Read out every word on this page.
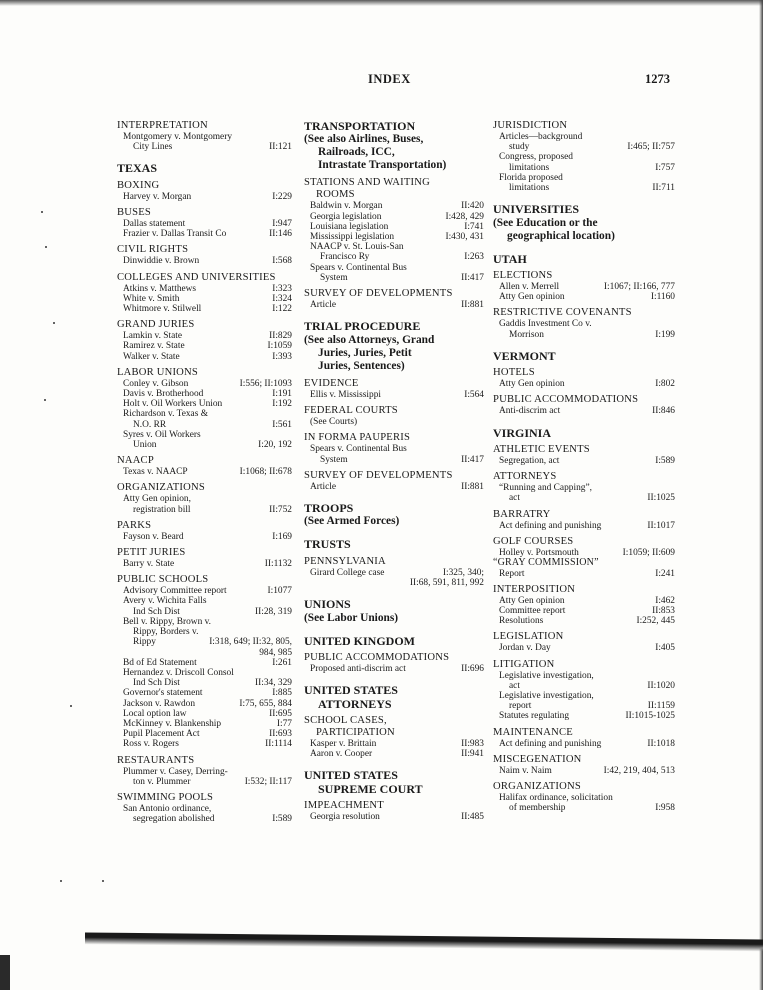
INDEX	1273
INTERPRETATION
Montgomery v. Montgomery
City Lines	II:121
TEXAS
BOXING
Harvey v. Morgan	I:229
BUSES
Dallas statement	I:947
Frazier v. Dallas Transit Co	II:146
CIVIL RIGHTS
Dinwiddie v. Brown	I:568
COLLEGES AND UNIVERSITIES
Atkins v. Matthews	I:323
White v. Smith	I:324
Whitmore v. Stilwell	I:122
GRAND JURIES
Lamkin v. State	II:829
Ramirez v. State	I:1059
Walker v. State	I:393
LABOR UNIONS
Conley v. Gibson	I:556; II:1093
Davis v. Brotherhood	I:191
Holt v. Oil Workers Union	I:192
Richardson v. Texas &
N.O. RR	I:561
Syres v. Oil Workers
Union	I:20, 192
NAACP
Texas v. NAACP	I:1068; II:678
ORGANIZATIONS
Atty Gen opinion,
registration bill	II:752
PARKS
Fayson v. Beard	I:169
PETIT JURIES
Barry v. State	II:1132
PUBLIC SCHOOLS
Advisory Committee report	I:1077
Avery v. Wichita Falls
Ind Sch Dist	II:28, 319
Bell v. Rippy, Brown v.
Rippy, Borders v.
Rippy	I:318, 649; II:32, 805,

984, 985
Bd of Ed Statement	I:261
Hernandez v. Driscoll Consol
Ind Sch Dist	II:34, 329
Governor's statement	I:885
Jackson v. Rawdon	I:75, 655, 884
Local option law	II:695
McKinney v. Blankenship	I:77
Pupil Placement Act	II:693
Ross v. Rogers	II:1114
RESTAURANTS
Plummer v. Casey, Derring-
ton v. Plummer	I:532; II:117
SWIMMING POOLS
San Antonio ordinance,
segregation abolished	I:589
TRANSPORTATION
(See also Airlines, Buses,
Railroads, ICC,
Intrastate Transportation)
STATIONS AND WAITING
ROOMS
Baldwin v. Morgan	II:420
Georgia legislation	I:428, 429
Louisiana legislation	I:741
Mississippi legislation	I:430, 431
NAACP v. St. Louis-San
Francisco Ry	I:263
Spears v. Continental Bus
System	II:417
SURVEY OF DEVELOPMENTS
Article	II:881
TRIAL PROCEDURE
(See also Attorneys, Grand
Juries, Juries, Petit
Juries, Sentences)
EVIDENCE
Ellis v. Mississippi	I:564
FEDERAL COURTS
(See Courts)
IN FORMA PAUPERIS
Spears v. Continental Bus
System	II:417
SURVEY OF DEVELOPMENTS
Article	II:881
TROOPS
(See Armed Forces)
TRUSTS
PENNSYLVANIA
Girard College case	I:325, 340;

II:68, 591, 811, 992
UNIONS
(See Labor Unions)
UNITED KINGDOM
PUBLIC ACCOMMODATIONS
Proposed anti-discrim act	II:696
UNITED STATES
ATTORNEYS
SCHOOL CASES,
PARTICIPATION
Kasper v. Brittain	II:983
Aaron v. Cooper	II:941
UNITED STATES
SUPREME COURT
IMPEACHMENT
Georgia resolution	II:485
JURISDICTION
Articles—background
study	I:465; II:757
Congress, proposed
limitations	I:757
Florida proposed
limitations	II:711
UNIVERSITIES
(See Education or the
geographical location)
UTAH
ELECTIONS
Allen v. Merrell	I:1067; II:166, 777
Atty Gen opinion	I:1160
RESTRICTIVE COVENANTS
Gaddis Investment Co v.
Morrison	I:199
VERMONT
HOTELS
Atty Gen opinion	I:802
PUBLIC ACCOMMODATIONS
Anti-discrim act	II:846
VIRGINIA
ATHLETIC EVENTS
Segregation, act	I:589
ATTORNEYS
“Running and Capping”,
act	II:1025
BARRATRY
Act defining and punishing	II:1017
GOLF COURSES
Holley v. Portsmouth	I:1059; II:609
“GRAY COMMISSION”
Report	I:241
INTERPOSITION
Atty Gen opinion	I:462
Committee report	II:853
Resolutions	I:252, 445
LEGISLATION
Jordan v. Day	I:405
LITIGATION
Legislative investigation,
act	II:1020
Legislative investigation,
report	II:1159
Statutes regulating	II:1015-1025
MAINTENANCE
Act defining and punishing	II:1018
MISCEGENATION
Naim v. Naim	I:42, 219, 404, 513
ORGANIZATIONS
Halifax ordinance, solicitation
of membership	I:958
